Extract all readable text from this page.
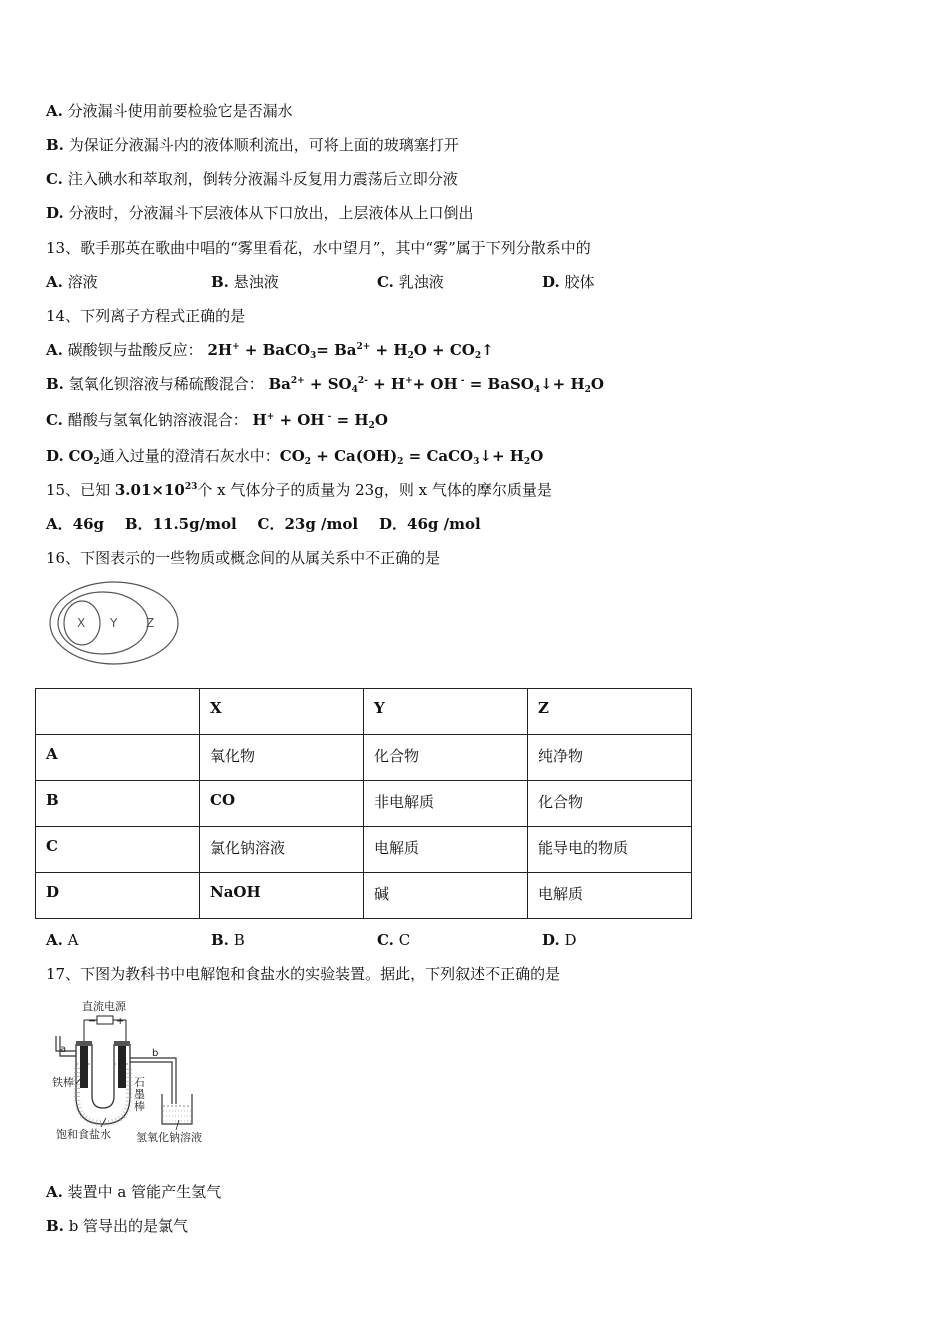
A. 分液漏斗使用前要检验它是否漏水
B. 为保证分液漏斗内的液体顺利流出，可将上面的玻璃塞打开
C. 注入碘水和萃取剂，倒转分液漏斗反复用力震荡后立即分液
D. 分液时，分液漏斗下层液体从下口放出，上层液体从上口倒出
13、歌手那英在歌曲中唱的“雾里看花，水中望月”，其中“雾”属于下列分散系中的
A. 溶液	B. 悬浊液	C. 乳浊液	D. 胶体
14、下列离子方程式正确的是
A. 碳酸钡与盐酸反应： 2H+ + BaCO$_3$= $Ba^{2+} + H_2O$ + $CO_2↑$
B. 氢氧化钡溶液与稀硫酸混合： $Ba^{2+} + SO_4^{2-} + H^++$ OH - = BaSO$_4$↓+ $H_2O$
C. 醋酸与氢氧化钠溶液混合： H+ + OH $^- = H_2O$
D. $CO_2$通入过量的澄清石灰水中：$CO_2 + Ca(OH)_2$ = CaCO$_3$↓+ $H_2O$
15、已知 $3.01\times 10^{23}$个 x 气体分子的质量为 23g，则 x 气体的摩尔质量是
A．46g    B．11.5g/mol    C．23g /mol    D．46g /mol
16、下图表示的一些物质或概念间的从属关系中不正确的是
X Y Z
	X	Y	Z
A	氧化物	化合物	纯净物
B	CO	非电解质	化合物
C	氯化钠溶液	电解质	能导电的物质
D	NaOH	碱	电解质
A. A	B. B	C. C	D. D
17、下图为教科书中电解饱和食盐水的实验装置。据此，下列叙述不正确的是
直流电源
− +
a	b
铁棒	石
墨
棒
饱和食盐水 氢氧化钠溶液
A. 装置中 a 管能产生氢气
B. b 管导出的是氯气
